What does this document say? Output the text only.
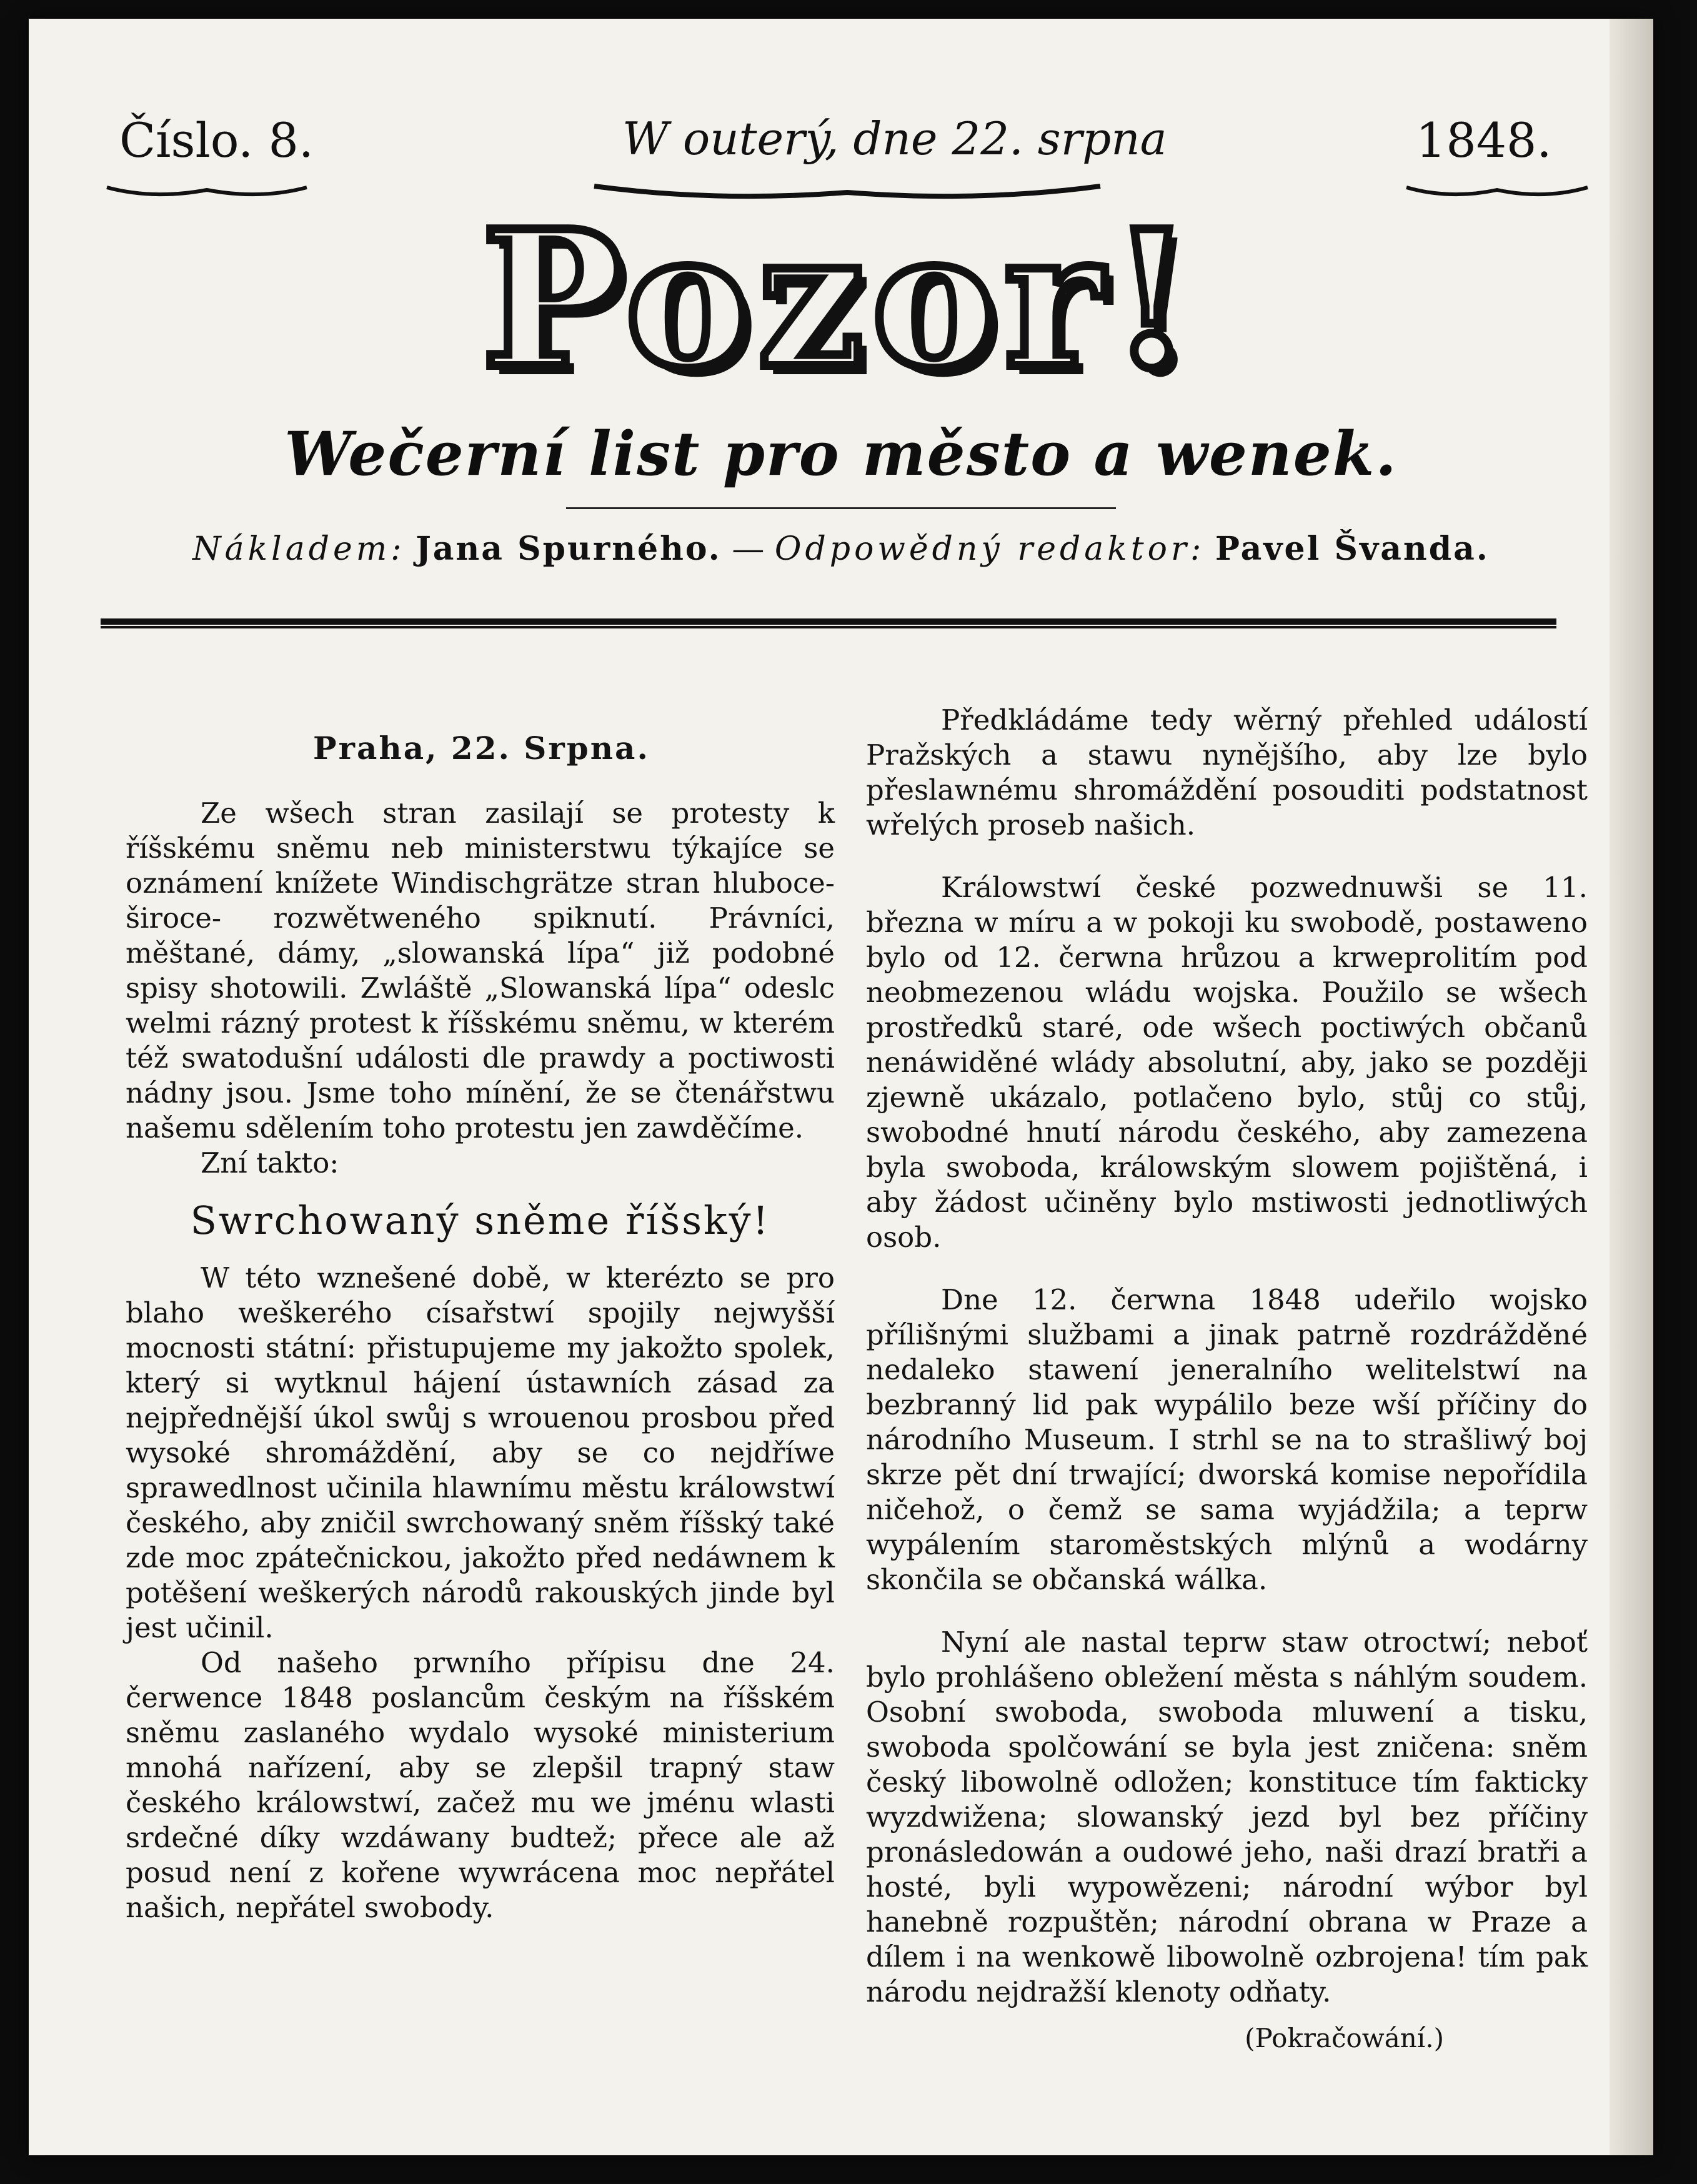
Číslo. 8.	W outerý, dne 22. srpna	1848.
Pozor!
Wečerní list pro město a wenek.
Nákladem: Jana Spurného. — Odpowědný redaktor: Pavel Švanda.
Praha, 22. Srpna.

Ze wšech stran zasilají se protesty k říšskému sněmu neb ministerstwu týkajíce se oznámení knížete Windischgrätze stran hluboce- široce- rozwětweného spiknutí. Právníci, měštané, dámy, „slowanská lípa“ již podobné spisy shotowili. Zwláště „Slowanská lípa“ odeslc welmi rázný protest k říšskému sněmu, w kterém též swatodušní události dle prawdy a poctiwosti nádny jsou. Jsme toho mínění, že se čtenářstwu našemu sdělením toho protestu jen zawděčíme.

Zní takto:

Swrchowaný sněme říšský!

W této wznešené době, w kterézto se pro blaho weškerého císařstwí spojily nejwyšší mocnosti státní: přistupujeme my jakožto spolek, který si wytknul hájení ústawních zásad za nejpřednější úkol swůj s wrouenou prosbou před wysoké shromáždění, aby se co nejdříwe sprawedlnost učinila hlawnímu městu králowstwí českého, aby zničil swrchowaný sněm říšský také zde moc zpátečnickou, jakožto před nedáwnem k potěšení weškerých národů rakouských jinde byl jest učinil.

Od našeho prwního přípisu dne 24. čerwence 1848 poslancům českým na říšském sněmu zaslaného wydalo wysoké ministerium mnohá nařízení, aby se zlepšil trapný staw českého králowstwí, začež mu we jménu wlasti srdečné díky wzdáwany budtež; přece ale až posud není z kořene wywrácena moc nepřátel našich, nepřátel swobody.

Předkládáme tedy wěrný přehled událostí Pražských a stawu nynějšího, aby lze bylo přeslawnému shromáždění posouditi podstatnost wřelých proseb našich.

Králowstwí české pozwednuwši se 11. března w míru a w pokoji ku swobodě, postaweno bylo od 12. čerwna hrůzou a krweprolitím pod neobmezenou wládu wojska. Použilo se wšech prostředků staré, ode wšech poctiwých občanů nenáwiděné wlády absolutní, aby, jako se později zjewně ukázalo, potlačeno bylo, stůj co stůj, swobodné hnutí národu českého, aby zamezena byla swoboda, králowským slowem pojištěná, i aby žádost učiněny bylo mstiwosti jednotliwých osob.

Dne 12. čerwna 1848 udeřilo wojsko přílišnými službami a jinak patrně rozdrážděné nedaleko stawení jeneralního welitelstwí na bezbranný lid pak wypálilo beze wší příčiny do národního Museum. I strhl se na to strašliwý boj skrze pět dní trwající; dworská komise nepořídila ničehož, o čemž se sama wyjádžila; a teprw wypálením staroměstských mlýnů a wodárny skončila se občanská wálka.

Nyní ale nastal teprw staw otroctwí; neboť bylo prohlášeno obležení města s náhlým soudem. Osobní swoboda, swoboda mluwení a tisku, swoboda spolčowání se byla jest zničena: sněm český libowolně odložen; konstituce tím fakticky wyzdwižena; slowanský jezd byl bez příčiny pronásledowán a oudowé jeho, naši drazí bratři a hosté, byli wypowězeni; národní wýbor byl hanebně rozpuštěn; národní obrana w Praze a dílem i na wenkowě libowolně ozbrojena! tím pak národu nejdražší klenoty odňaty.

(Pokračowání.)
